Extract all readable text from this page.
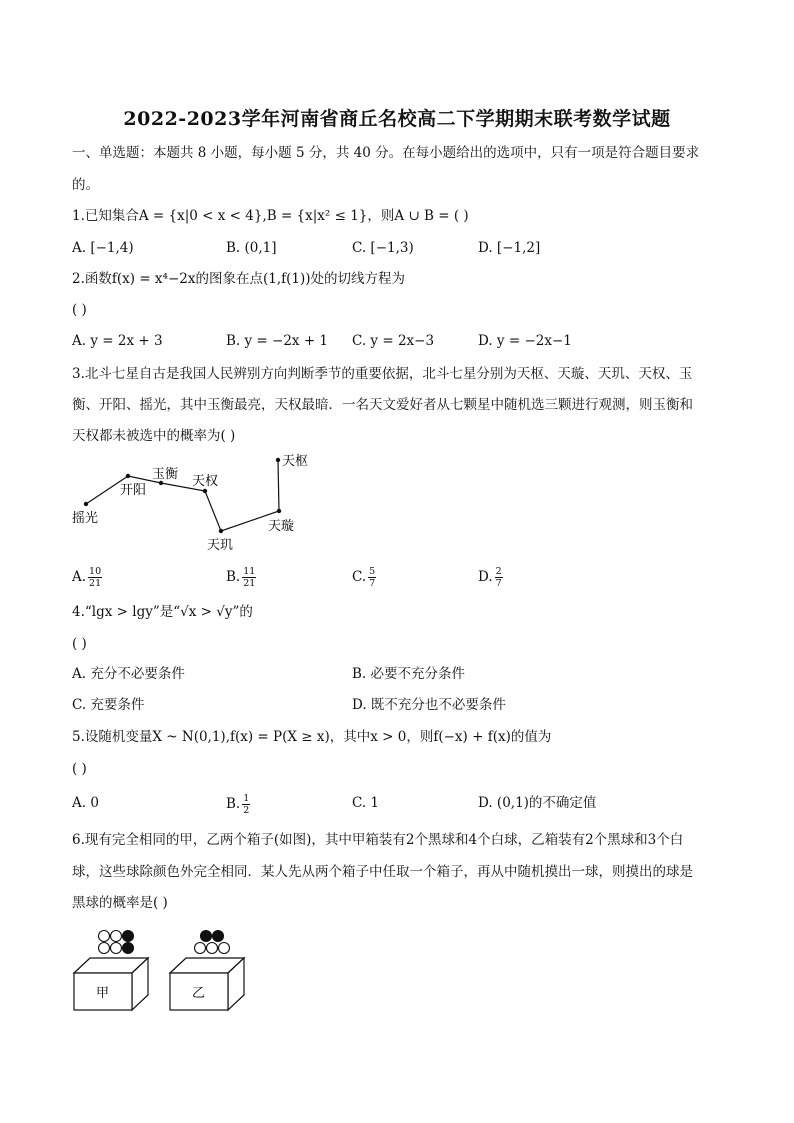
2022-2023学年河南省商丘名校高二下学期期末联考数学试题
一、单选题：本题共 8 小题，每小题 5 分，共 40 分。在每小题给出的选项中，只有一项是符合题目要求
的。
1.已知集合A = {x|0 < x < 4},B = {x|x² ≤ 1}，则A ∪ B = ( )
A. [−1,4)	B. (0,1]	C. [−1,3)	D. [−1,2]
2.函数f(x) = x⁴−2x的图象在点(1,f(1))处的切线方程为
( )
A. y = 2x + 3	B. y = −2x + 1 C. y = 2x−3	D. y = −2x−1
3.北斗七星自古是我国人民辨别方向判断季节的重要依据，北斗七星分别为天枢、天璇、天玑、天权、玉
衡、开阳、摇光，其中玉衡最亮，天权最暗．一名天文爱好者从七颗星中随机选三颗进行观测，则玉衡和
天权都未被选中的概率为( )
摇光
开阳
玉衡 天权
天玑
天璇
天枢
A. $\frac{10}{21}$	B. $\frac{11}{21}$	C. $\frac{5}{7}$	D. $\frac{2}{7}$
4.“lgx > lgy”是“√x > √y”的
( )
A. 充分不必要条件	B. 必要不充分条件
C. 充要条件	D. 既不充分也不必要条件
5.设随机变量X ~ N(0,1),f(x) = P(X ≥ x)，其中x > 0，则f(−x) + f(x)的值为
( )
A. 0	B. $\frac{1}{2}$	C. 1	D. (0,1)的不确定值
6.现有完全相同的甲，乙两个箱子(如图)，其中甲箱装有2个黑球和4个白球，乙箱装有2个黑球和3个白
球，这些球除颜色外完全相同．某人先从两个箱子中任取一个箱子，再从中随机摸出一球，则摸出的球是
黑球的概率是( )
甲	乙
